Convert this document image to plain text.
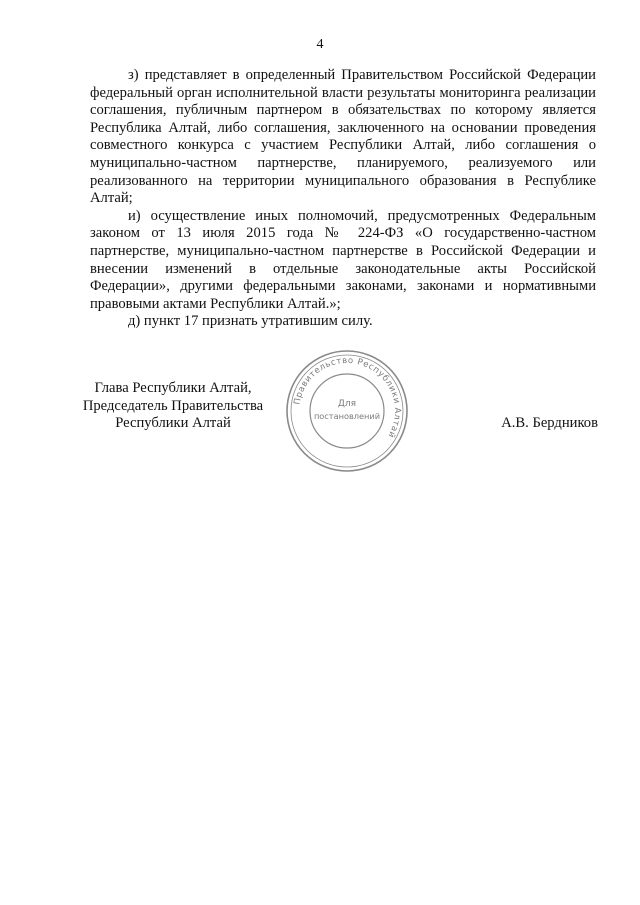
4

з) представляет в определенный Правительством Российской Федерации федеральный орган исполнительной власти результаты мониторинга реализации соглашения, публичным партнером в обязательствах по которому является Республика Алтай, либо соглашения, заключенного на основании проведения совместного конкурса с участием Республики Алтай, либо соглашения о муниципально-частном партнерстве, планируемого, реализуемого или реализованного на территории муниципального образования в Республике Алтай;

и) осуществление иных полномочий, предусмотренных Федеральным законом от 13 июля 2015 года № 224-ФЗ «О государственно-частном партнерстве, муниципально-частном партнерстве в Российской Федерации и внесении изменений в отдельные законодательные акты Российской Федерации», другими федеральными законами, законами и нормативными правовыми актами Республики Алтай.»;

д) пункт 17 признать утратившим силу.

Глава Республики Алтай,
Председатель Правительства
Республики Алтай
Правительство Республики Алтай
Для
постановлений	А.В. Бердников
